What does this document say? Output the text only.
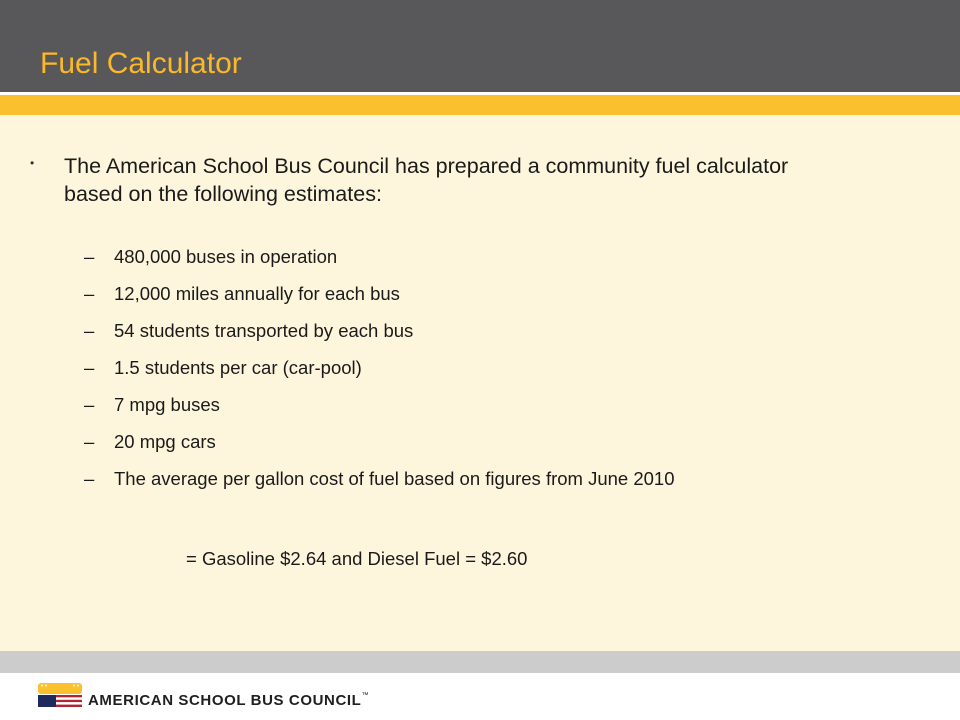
Fuel Calculator
• The American School Bus Council has prepared a community fuel calculator based on the following estimates:
–	480,000 buses in operation
–	12,000 miles annually for each bus
–	54 students transported by each bus
–	1.5 students per car (car-pool)
–	7 mpg buses
–	20 mpg cars
–	The average per gallon cost of fuel based on figures from June 2010
= Gasoline $2.64 and Diesel Fuel = $2.60
AMERICAN SCHOOL BUS COUNCIL™
